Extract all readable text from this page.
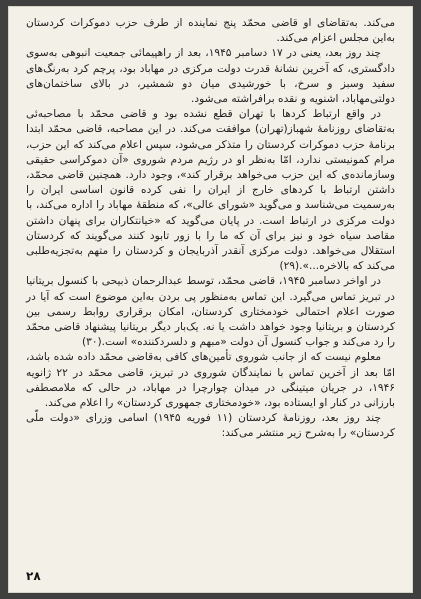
می‌کند. به‌تقاضای او قاضی محمّد پنج نماینده از طرف حزب دموکرات کردستان به‌این مجلس اعزام می‌کند.

چند روز بعد، یعنی در ۱۷ دسامبر ۱۹۴۵، بعد از راهپیمائی جمعیت انبوهی به‌سوی دادگستری، که آخرین نشانهٔ قدرت دولت مرکزی در مهاباد بود، پرچم کرد به‌رنگ‌های سفید وسبز و سرخ، با خورشیدی میان دو شمشیر، در بالای ساختمان‌های دولتی‌مهاباد، اشنویه و نقده برافراشته می‌شود.

در واقع ارتباط کردها با تهران قطع نشده بود و قاضی محمّد با مصاحبه‌ئی به‌تقاضای روزنامهٔ شهباز(تهران) موافقت می‌کند. در این مصاحبه، قاضی محمّد ابتدا برنامهٔ حزب دموکرات کردستان را متذکر می‌شود، سپس اعلام می‌کند که این حزب، مرام کمونیستی ندارد، امّا به‌نظر او در رژیم مردم شوروی «آن دموکراسی حقیقی وسازمانده‌ی که این حزب می‌خواهد برقرار کند»، وجود دارد. همچنین قاضی محمّد، داشتن ارتباط با کردهای خارج از ایران را نفی کرده قانون اساسی ایران را به‌رسمیت می‌شناسد و می‌گوید «شورای عالی»، که منطقهٔ مهاباد را اداره می‌کند، با دولت مرکزی در ارتباط است. در پایان می‌گوید که «خیانتکاران برای پنهان داشتن مقاصد سیاه خود و نیز برای آن که ما را با زور تابود کنند می‌گویند که کردستان استقلال می‌خواهد. دولت مرکزی آنقدر آذربایجان و کردستان را متهم به‌تجزیه‌طلبی می‌کند که بالاخره...».(۲۹)

در اواخر دسامبر ۱۹۴۵، قاضی محمّد، توسط عبدالرحمان ذبیحی با کنسول بریتانیا در تبریز تماس می‌گیرد. این تماس به‌منظور پی بردن به‌این موضوع است که آیا در صورت اعلام احتمالی خودمختاری کردستان، امکان برقراری روابط رسمی بین کردستان و بریتانیا وجود خواهد داشت یا نه. یک‌بار دیگر بریتانیا پیشنهاد قاضی محمّد را رد می‌کند و جواب کنسول آن دولت «مبهم و دلسردکننده» است.(۳۰)

معلوم نیست که از جانب شوروی تأمین‌های کافی به‌قاضی محمّد داده شده باشد، امّا بعد از آخرین تماس با نمایندگان شوروی در تبریز، قاضی محمّد در ۲۲ ژانویه ۱۹۴۶، در جریان میتینگی در میدان چوارچرا در مهاباد، در حالی که ملامصطفی بارزانی در کنار او ایستاده بود، «خودمختاری جمهوری کردستان» را اعلام می‌کند.

چند روز بعد، روزنامهٔ کردستان (۱۱ فوریه ۱۹۴۵) اسامی وزرای «دولت ملّی کردستان» را به‌شرح زیر منتشر می‌کند:

۲۸
